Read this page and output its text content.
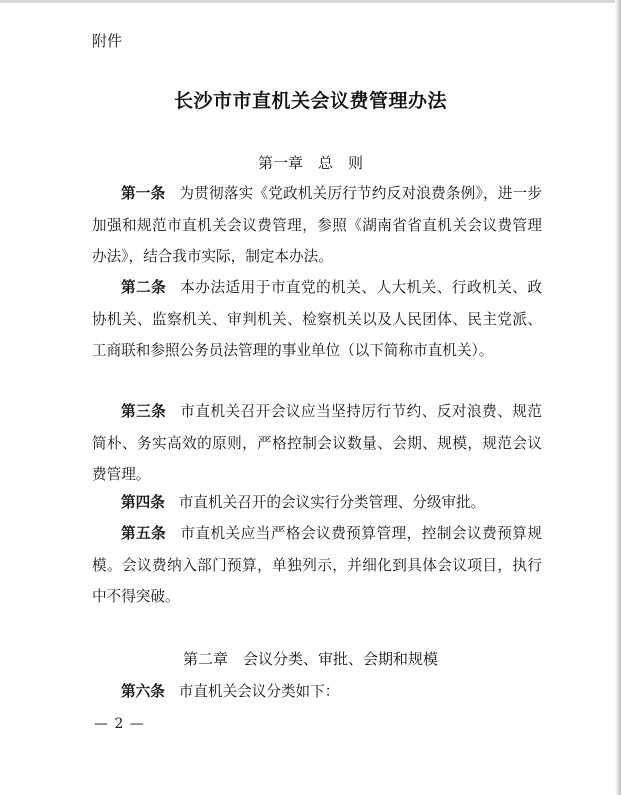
附件
长沙市市直机关会议费管理办法
第一章　总　则

第一条 为贯彻落实《党政机关厉行节约反对浪费条例》，进一步加强和规范市直机关会议费管理，参照《湖南省省直机关会议费管理办法》，结合我市实际，制定本办法。

第二条 本办法适用于市直党的机关、人大机关、行政机关、政协机关、监察机关、审判机关、检察机关以及人民团体、民主党派、工商联和参照公务员法管理的事业单位（以下简称市直机关）。

第三条 市直机关召开会议应当坚持厉行节约、反对浪费、规范简朴、务实高效的原则，严格控制会议数量、会期、规模，规范会议费管理。

第四条 市直机关召开的会议实行分类管理、分级审批。

第五条 市直机关应当严格会议费预算管理，控制会议费预算规模。会议费纳入部门预算，单独列示，并细化到具体会议项目，执行中不得突破。

第二章　会议分类、审批、会期和规模

第六条 市直机关会议分类如下：

— 2 —
